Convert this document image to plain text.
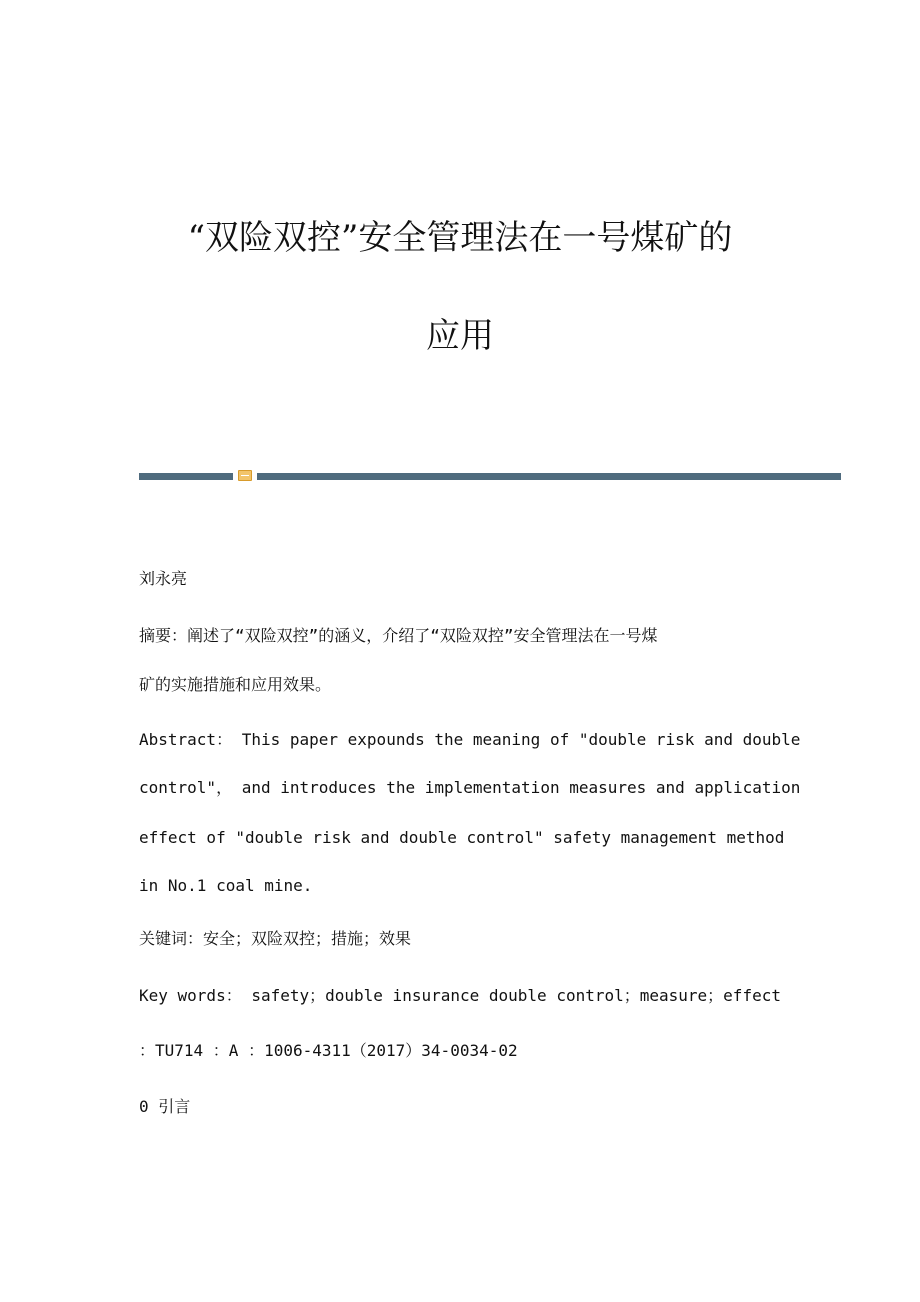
“双险双控”安全管理法在一号煤矿的
应用
刘永亮
摘要：阐述了“双险双控”的涵义，介绍了“双险双控”安全管理法在一号煤
矿的实施措施和应用效果。
Abstract： This paper expounds the meaning of "double risk and double
control"， and introduces the implementation measures and application
effect of "double risk and double control" safety management method
in No.1 coal mine.
关键词：安全；双险双控；措施；效果
Key words： safety；double insurance double control；measure；effect
：TU714 ：A ：1006-4311（2017）34-0034-02
0 引言
